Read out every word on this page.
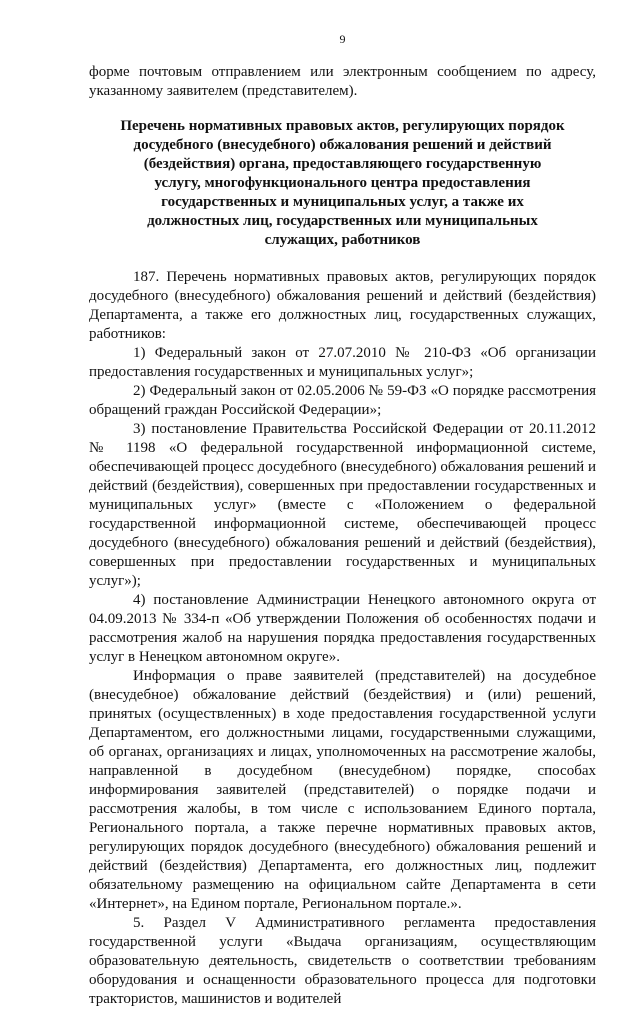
9

форме почтовым отправлением или электронным сообщением по адресу, указанному заявителем (представителем).

Перечень нормативных правовых актов, регулирующих порядок
досудебного (внесудебного) обжалования решений и действий
(бездействия) органа, предоставляющего государственную
услугу, многофункционального центра предоставления
государственных и муниципальных услуг, а также их
должностных лиц, государственных или муниципальных
служащих, работников

187. Перечень нормативных правовых актов, регулирующих порядок досудебного (внесудебного) обжалования решений и действий (бездействия) Департамента, а также его должностных лиц, государственных служащих, работников:

1) Федеральный закон от 27.07.2010 № 210-ФЗ «Об организации предоставления государственных и муниципальных услуг»;

2) Федеральный закон от 02.05.2006 № 59-ФЗ «О порядке рассмотрения обращений граждан Российской Федерации»;

3) постановление Правительства Российской Федерации от 20.11.2012 № 1198 «О федеральной государственной информационной системе, обеспечивающей процесс досудебного (внесудебного) обжалования решений и действий (бездействия), совершенных при предоставлении государственных и муниципальных услуг» (вместе с «Положением о федеральной государственной информационной системе, обеспечивающей процесс досудебного (внесудебного) обжалования решений и действий (бездействия), совершенных при предоставлении государственных и муниципальных услуг»);

4) постановление Администрации Ненецкого автономного округа от 04.09.2013 № 334-п «Об утверждении Положения об особенностях подачи и рассмотрения жалоб на нарушения порядка предоставления государственных услуг в Ненецком автономном округе».

Информация о праве заявителей (представителей) на досудебное (внесудебное) обжалование действий (бездействия) и (или) решений, принятых (осуществленных) в ходе предоставления государственной услуги Департаментом, его должностными лицами, государственными служащими, об органах, организациях и лицах, уполномоченных на рассмотрение жалобы, направленной в досудебном (внесудебном) порядке, способах информирования заявителей (представителей) о порядке подачи и рассмотрения жалобы, в том числе с использованием Единого портала, Регионального портала, а также перечне нормативных правовых актов, регулирующих порядок досудебного (внесудебного) обжалования решений и действий (бездействия) Департамента, его должностных лиц, подлежит обязательному размещению на официальном сайте Департамента в сети «Интернет», на Едином портале, Региональном портале.».

5. Раздел V Административного регламента предоставления государственной услуги «Выдача организациям, осуществляющим образовательную деятельность, свидетельств о соответствии требованиям оборудования и оснащенности образовательного процесса для подготовки трактористов, машинистов и водителей
